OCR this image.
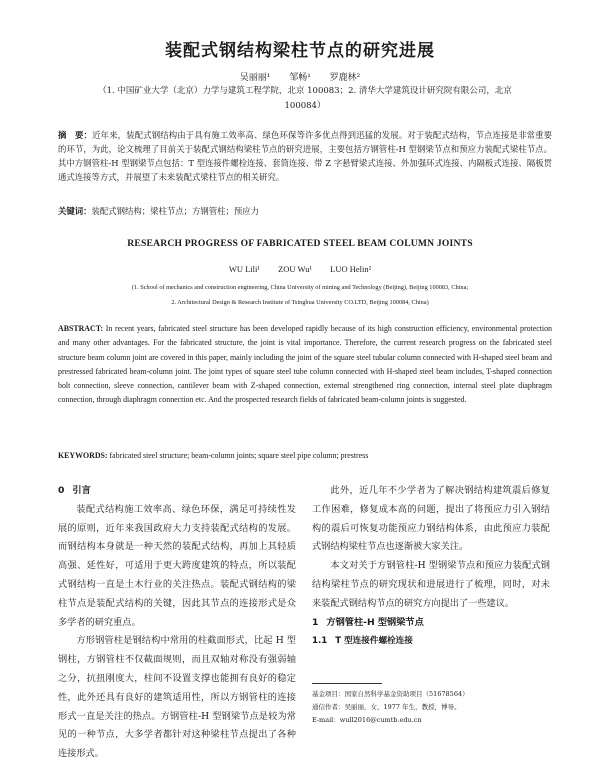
装配式钢结构梁柱节点的研究进展
吴丽丽¹ 邹畅¹ 罗鹿林²
（1. 中国矿业大学（北京）力学与建筑工程学院，北京 100083；2. 清华大学建筑设计研究院有限公司，北京 100084）
摘　要：近年来，装配式钢结构由于具有施工效率高、绿色环保等许多优点得到迅猛的发展。对于装配式结构，节点连接是非常重要的环节，为此，论文梳理了目前关于装配式钢结构梁柱节点的研究进展，主要包括方钢管柱-H 型钢梁节点和预应力装配式梁柱节点。其中方钢管柱-H 型钢梁节点包括：T 型连接件螺栓连接、套筒连接、带 Z 字悬臂梁式连接、外加强环式连接、内隔板式连接、隔板贯通式连接等方式，并展望了未来装配式梁柱节点的相关研究。
关键词：装配式钢结构；梁柱节点；方钢管柱；预应力
RESEARCH PROGRESS OF FABRICATED STEEL BEAM COLUMN JOINTS
WU Lili¹ ZOU Wu¹ LUO Helin²
(1. School of mechanics and construction engineering, China University of mining and Technology (Beijing), Beijing 100083, China;
2. Architectural Design & Research Institute of Tsinghua University CO.LTD, Beijing 100084, China)
ABSTRACT: In recent years, fabricated steel structure has been developed rapidly because of its high construction efficiency, environmental protection and many other advantages. For the fabricated structure, the joint is vital importance. Therefore, the current research progress on the fabricated steel structure beam column joint are covered in this paper, mainly including the joint of the square steel tubular column connected with H-shaped steel beam and prestressed fabricated beam-column joint. The joint types of square steel tube column connected with H-shaped steel beam includes, T-shaped connection bolt connection, sleeve connection, cantilever beam with Z-shaped connection, external strengthened ring connection, internal steel plate diaphragm connection, through diaphragm connection etc. And the prospected research fields of fabricated beam-column joints is suggested.
KEYWORDS: fabricated steel structure; beam-column joints; square steel pipe column; prestress
0 引言

装配式结构施工效率高、绿色环保，满足可持续性发展的原则，近年来我国政府大力支持装配式结构的发展。而钢结构本身就是一种天然的装配式结构，再加上其轻质高强、延性好，可适用于更大跨度建筑的特点，所以装配式钢结构一直是土木行业的关注热点。装配式钢结构的梁柱节点是装配式结构的关键，因此其节点的连接形式是众多学者的研究重点。

方形钢管柱是钢结构中常用的柱截面形式，比起 H 型钢柱，方钢管柱不仅截面规则，而且双轴对称没有强弱轴之分，抗扭刚度大，柱间不设置支撑也能拥有良好的稳定性，此外还具有良好的建筑适用性，所以方钢管柱的连接形式一直是关注的热点。方钢管柱-H 型钢梁节点是较为常见的一种节点，大多学者都针对这种梁柱节点提出了各种连接形式。

此外，近几年不少学者为了解决钢结构建筑震后修复工作困难，修复成本高的问题，提出了将预应力引入钢结构的震后可恢复功能预应力钢结构体系，由此预应力装配式钢结构梁柱节点也逐渐被大家关注。

本文对关于方钢管柱-H 型钢梁节点和预应力装配式钢结构梁柱节点的研究现状和进展进行了梳理，同时，对未来装配式钢结构节点的研究方向提出了一些建议。

1 方钢管柱-H 型钢梁节点
1.1 T 型连接件螺栓连接
基金项目：国家自然科学基金资助项目（51678564）
通信作者：吴丽丽，女，1977 年生，教授，博导。
E-mail：wull2016@cumtb.edu.cn
